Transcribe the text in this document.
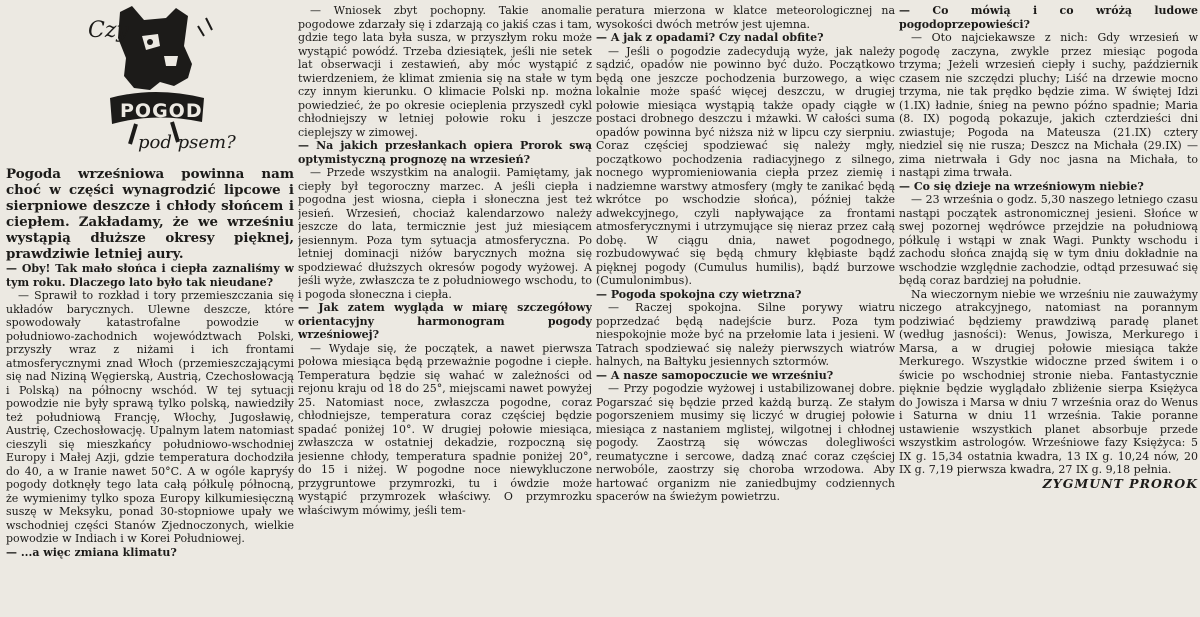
Czy
POGODA
pod psem?

Pogoda wrześniowa powinna nam choć w części wynagrodzić lipcowe i sierpniowe deszcze i chłody słońcem i ciepłem. Zakładamy, że we wrześniu wystąpią dłuższe okresy pięknej, prawdziwie letniej aury.

— Oby! Tak mało słońca i ciepła zaznaliśmy w tym roku. Dlaczego lato było tak nieudane?

— Sprawił to rozkład i tory przemieszczania się układów barycznych. Ulewne deszcze, które spowodowały katastrofalne powodzie w południowo-zachodnich województwach Polski, przyszły wraz z niżami i ich frontami atmosferycznymi znad Włoch (przemieszczającymi się nad Niziną Węgierską, Austrią, Czechosłowacją i Polską) na północny wschód. W tej sytuacji powodzie nie były sprawą tylko polską, nawiedziły też południową Francję, Włochy, Jugosławię, Austrię, Czechosłowację. Upalnym latem natomiast cieszyli się mieszkańcy południowo-wschodniej Europy i Małej Azji, gdzie temperatura dochodziła do 40, a w Iranie nawet 50°C. A w ogóle kapryśy pogody dotknęły tego lata całą półkulę północną, że wymienimy tylko spoza Europy kilkumiesięczną suszę w Meksyku, ponad 30-stopniowe upały we wschodniej części Stanów Zjednoczonych, wielkie powodzie w Indiach i w Korei Południowej.

— ...a więc zmiana klimatu?

— Wniosek zbyt pochopny. Takie anomalie pogodowe zdarzały się i zdarzają co jakiś czas i tam, gdzie tego lata była susza, w przyszłym roku może wystąpić powódź. Trzeba dziesiątek, jeśli nie setek lat obserwacji i zestawień, aby móc wystąpić z twierdzeniem, że klimat zmienia się na stałe w tym czy innym kierunku. O klimacie Polski np. można powiedzieć, że po okresie ocieplenia przyszedł cykl chłodniejszy w letniej połowie roku i jeszcze cieplejszy w zimowej.

— Na jakich przesłankach opiera Prorok swą optymistyczną prognozę na wrzesień?

— Przede wszystkim na analogii. Pamiętamy, jak ciepły był tegoroczny marzec. A jeśli ciepła i pogodna jest wiosna, ciepła i słoneczna jest też jesień. Wrzesień, chociaż kalendarzowo należy jeszcze do lata, termicznie jest już miesiącem jesiennym. Poza tym sytuacja atmosferyczna. Po letniej dominacji niżów barycznych można się spodziewać dłuższych okresów pogody wyżowej. A jeśli wyże, zwłaszcza te z południowego wschodu, to i pogoda słoneczna i ciepła.

— Jak zatem wygląda w miarę szczegółowy orientacyjny harmonogram pogody wrześniowej?

— Wydaje się, że początek, a nawet pierwsza połowa miesiąca będą przeważnie pogodne i ciepłe. Temperatura będzie się wahać w zależności od rejonu kraju od 18 do 25°, miejscami nawet powyżej 25. Natomiast noce, zwłaszcza pogodne, coraz chłodniejsze, temperatura coraz częściej będzie spadać poniżej 10°. W drugiej połowie miesiąca, zwłaszcza w ostatniej dekadzie, rozpoczną się jesienne chłody, temperatura spadnie poniżej 20°, do 15 i niżej. W pogodne noce niewykluczone przygruntowe przymrozki, tu i ówdzie może wystąpić przymrozek właściwy. O przymrozku właściwym mówimy, jeśli tem-

peratura mierzona w klatce meteorologicznej na wysokości dwóch metrów jest ujemna.

— A jak z opadami? Czy nadal obfite?

— Jeśli o pogodzie zadecydują wyże, jak należy sądzić, opadów nie powinno być dużo. Początkowo będą one jeszcze pochodzenia burzowego, a więc lokalnie może spaść więcej deszczu, w drugiej połowie miesiąca wystąpią także opady ciągłe w postaci drobnego deszczu i mżawki. W całości suma opadów powinna być niższa niż w lipcu czy sierpniu. Coraz częściej spodziewać się należy mgły, początkowo pochodzenia radiacyjnego z silnego, nocnego wypromieniowania ciepła przez ziemię i nadziemne warstwy atmosfery (mgły te zanikać będą wkrótce po wschodzie słońca), później także adwekcyjnego, czyli napływające za frontami atmosferycznymi i utrzymujące się nieraz przez całą dobę. W ciągu dnia, nawet pogodnego, rozbudowywać się będą chmury kłębiaste bądź pięknej pogody (Cumulus humilis), bądź burzowe (Cumulonimbus).

— Pogoda spokojna czy wietrzna?

— Raczej spokojna. Silne porywy wiatru poprzedzać będą nadejście burz. Poza tym niespokojnie może być na przełomie lata i jesieni. W Tatrach spodziewać się należy pierwszych wiatrów halnych, na Bałtyku jesiennych sztormów.

— A nasze samopoczucie we wrześniu?

— Przy pogodzie wyżowej i ustabilizowanej dobre. Pogarszać się będzie przed każdą burzą. Ze stałym pogorszeniem musimy się liczyć w drugiej połowie miesiąca z nastaniem mglistej, wilgotnej i chłodnej pogody. Zaostrzą się wówczas dolegliwości reumatyczne i sercowe, dadzą znać coraz częściej nerwobóle, zaostrzy się choroba wrzodowa. Aby hartować organizm nie zaniedbujmy codziennych spacerów na świeżym powietrzu.

— Co mówią i co wróżą ludowe pogodoprzepowieści?

— Oto najciekawsze z nich: Gdy wrzesień w pogodę zaczyna, zwykle przez miesiąc pogoda trzyma; Jeżeli wrzesień ciepły i suchy, październik czasem nie szczędzi pluchy; Liść na drzewie mocno trzyma, nie tak prędko będzie zima. W świętej Idzi (1.IX) ładnie, śnieg na pewno późno spadnie; Maria (8. IX) pogodą pokazuje, jakich czterdzieści dni zwiastuje; Pogoda na Mateusza (21.IX) cztery niedziel się nie rusza; Deszcz na Michała (29.IX) — zima nietrwała i Gdy noc jasna na Michała, to nastąpi zima trwała.

— Co się dzieje na wrześniowym niebie?

— 23 września o godz. 5,30 naszego letniego czasu nastąpi początek astronomicznej jesieni. Słońce w swej pozornej wędrówce przejdzie na południową półkulę i wstąpi w znak Wagi. Punkty wschodu i zachodu słońca znajdą się w tym dniu dokładnie na wschodzie względnie zachodzie, odtąd przesuwać się będą coraz bardziej na południe.

Na wieczornym niebie we wrześniu nie zauważymy niczego atrakcyjnego, natomiast na porannym podziwiać będziemy prawdziwą paradę planet (według jasności): Wenus, Jowisza, Merkurego i Marsa, a w drugiej połowie miesiąca także Merkurego. Wszystkie widoczne przed świtem i o świcie po wschodniej stronie nieba. Fantastycznie pięknie będzie wyglądało zbliżenie sierpa Księżyca do Jowisza i Marsa w dniu 7 września oraz do Wenus i Saturna w dniu 11 września. Takie poranne ustawienie wszystkich planet absorbuje przede wszystkim astrologów. Wrześniowe fazy Księżyca: 5 IX g. 15,34 ostatnia kwadra, 13 IX g. 10,24 nów, 20 IX g. 7,19 pierwsza kwadra, 27 IX g. 9,18 pełnia.

ZYGMUNT PROROK
